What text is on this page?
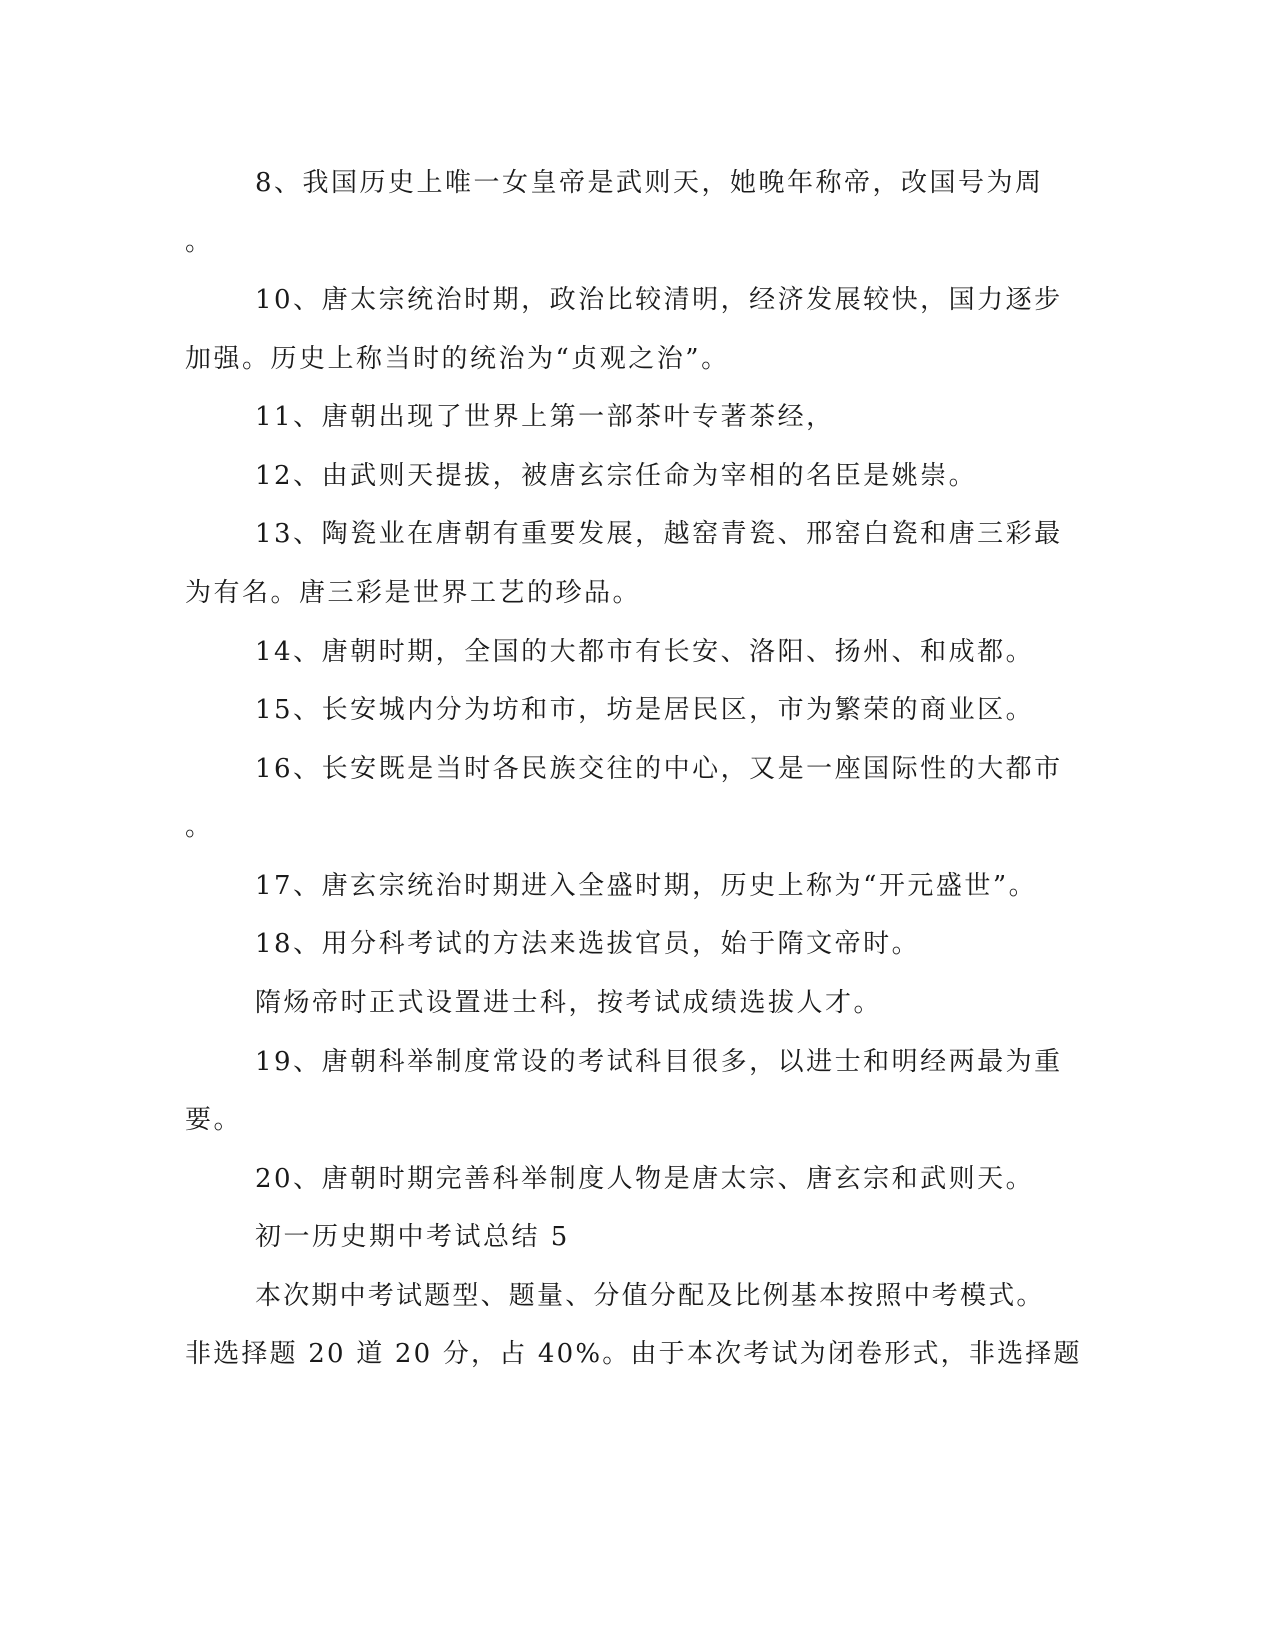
8、我国历史上唯一女皇帝是武则天，她晚年称帝，改国号为周
。
10、唐太宗统治时期，政治比较清明，经济发展较快，国力逐步
加强。历史上称当时的统治为“贞观之治”。
11、唐朝出现了世界上第一部茶叶专著茶经，
12、由武则天提拔，被唐玄宗任命为宰相的名臣是姚崇。
13、陶瓷业在唐朝有重要发展，越窑青瓷、邢窑白瓷和唐三彩最
为有名。唐三彩是世界工艺的珍品。
14、唐朝时期，全国的大都市有长安、洛阳、扬州、和成都。
15、长安城内分为坊和市，坊是居民区，市为繁荣的商业区。
16、长安既是当时各民族交往的中心，又是一座国际性的大都市
。
17、唐玄宗统治时期进入全盛时期，历史上称为“开元盛世”。
18、用分科考试的方法来选拔官员，始于隋文帝时。
隋炀帝时正式设置进士科，按考试成绩选拔人才。
19、唐朝科举制度常设的考试科目很多，以进士和明经两最为重
要。
20、唐朝时期完善科举制度人物是唐太宗、唐玄宗和武则天。
初一历史期中考试总结 5
本次期中考试题型、题量、分值分配及比例基本按照中考模式。
非选择题 20 道 20 分，占 40%。由于本次考试为闭卷形式，非选择题
